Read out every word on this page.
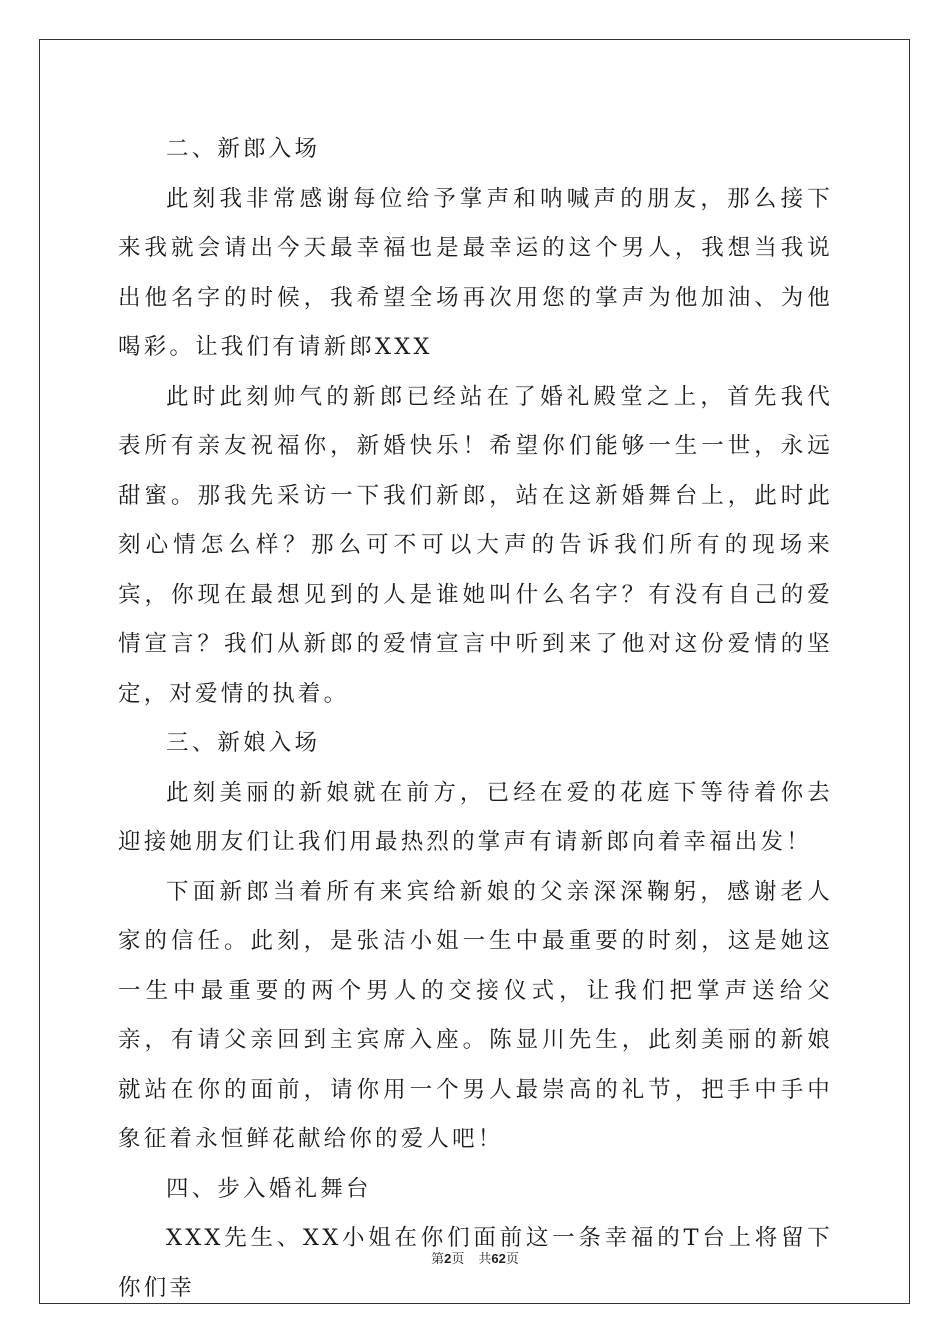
二、新郎入场

此刻我非常感谢每位给予掌声和呐喊声的朋友，那么接下来我就会请出今天最幸福也是最幸运的这个男人，我想当我说出他名字的时候，我希望全场再次用您的掌声为他加油、为他喝彩。让我们有请新郎XXX

此时此刻帅气的新郎已经站在了婚礼殿堂之上，首先我代表所有亲友祝福你，新婚快乐！希望你们能够一生一世，永远甜蜜。那我先采访一下我们新郎，站在这新婚舞台上，此时此刻心情怎么样？那么可不可以大声的告诉我们所有的现场来宾，你现在最想见到的人是谁她叫什么名字？有没有自己的爱情宣言？我们从新郎的爱情宣言中听到来了他对这份爱情的坚定，对爱情的执着。

三、新娘入场

此刻美丽的新娘就在前方，已经在爱的花庭下等待着你去迎接她朋友们让我们用最热烈的掌声有请新郎向着幸福出发！

下面新郎当着所有来宾给新娘的父亲深深鞠躬，感谢老人家的信任。此刻，是张洁小姐一生中最重要的时刻，这是她这一生中最重要的两个男人的交接仪式，让我们把掌声送给父亲，有请父亲回到主宾席入座。陈显川先生，此刻美丽的新娘就站在你的面前，请你用一个男人最崇高的礼节，把手中手中象征着永恒鲜花献给你的爱人吧！

四、步入婚礼舞台

XXX先生、XX小姐在你们面前这一条幸福的T台上将留下你们幸

第2页 共62页
